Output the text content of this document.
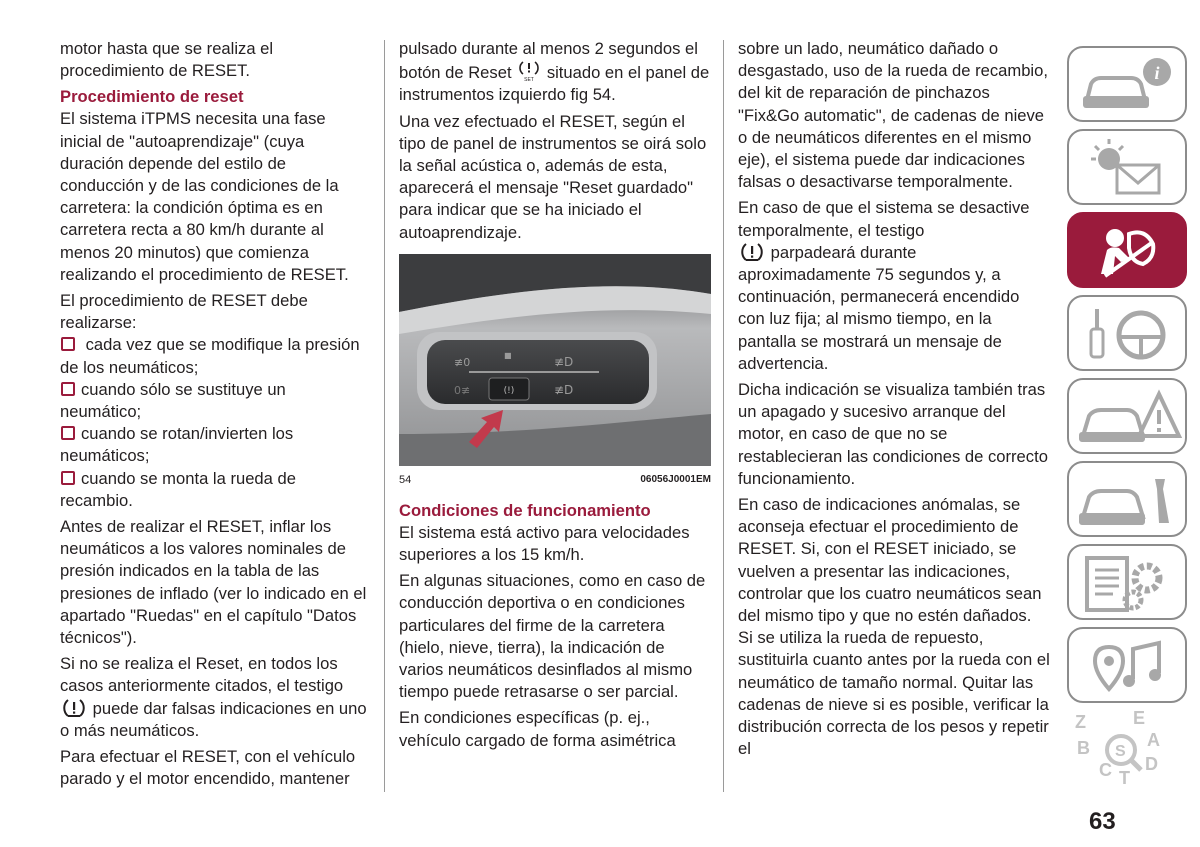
motor hasta que se realiza el procedimiento de RESET.

Procedimiento de reset

El sistema iTPMS necesita una fase inicial de "autoaprendizaje" (cuya duración depende del estilo de conducción y de las condiciones de la carretera: la condición óptima es en carretera recta a 80 km/h durante al menos 20 minutos) que comienza realizando el procedimiento de RESET.

El procedimiento de RESET debe realizarse:

cada vez que se modifique la presión de los neumáticos;
cuando sólo se sustituye un neumático;
cuando se rotan/invierten los neumáticos;
cuando se monta la rueda de recambio.

Antes de realizar el RESET, inflar los neumáticos a los valores nominales de presión indicados en la tabla de las presiones de inflado (ver lo indicado en el apartado "Ruedas" en el capítulo "Datos técnicos").

Si no se realiza el Reset, en todos los casos anteriormente citados, el testigo
puede dar falsas indicaciones en uno o más neumáticos.

Para efectuar el RESET, con el vehículo parado y el motor encendido, mantener

pulsado durante al menos 2 segundos el botón de Reset	SET situado en el panel de instrumentos izquierdo fig 54.

Una vez efectuado el RESET, según el tipo de panel de instrumentos se oirá solo la señal acústica o, además de esta, aparecerá el mensaje "Reset guardado" para indicar que se ha iniciado el autoaprendizaje.

≢0
■	≢D
0≢	(!)	≢D
54	06056J0001EM
Condiciones de funcionamiento

El sistema está activo para velocidades superiores a los 15 km/h.

En algunas situaciones, como en caso de conducción deportiva o en condiciones particulares del firme de la carretera (hielo, nieve, tierra), la indicación de varios neumáticos desinflados al mismo tiempo puede retrasarse o ser parcial.

En condiciones específicas (p. ej., vehículo cargado de forma asimétrica

sobre un lado, neumático dañado o desgastado, uso de la rueda de recambio, del kit de reparación de pinchazos "Fix&Go automatic", de cadenas de nieve o de neumáticos diferentes en el mismo eje), el sistema puede dar indicaciones falsas o desactivarse temporalmente.

En caso de que el sistema se desactive temporalmente, el testigo
parpadeará durante aproximadamente 75 segundos y, a continuación, permanecerá encendido con luz fija; al mismo tiempo, en la pantalla se mostrará un mensaje de advertencia.

Dicha indicación se visualiza también tras un apagado y sucesivo arranque del motor, en caso de que no se restablecieran las condiciones de correcto funcionamiento.

En caso de indicaciones anómalas, se aconseja efectuar el procedimiento de RESET. Si, con el RESET iniciado, se vuelven a presentar las indicaciones, controlar que los cuatro neumáticos sean del mismo tipo y que no estén dañados. Si se utiliza la rueda de repuesto, sustituirla cuanto antes por la rueda con el neumático de tamaño normal. Quitar las cadenas de nieve si es posible, verificar la distribución correcta de los pesos y repetir el

i
Z	E
A
B
C T
D
S
63
